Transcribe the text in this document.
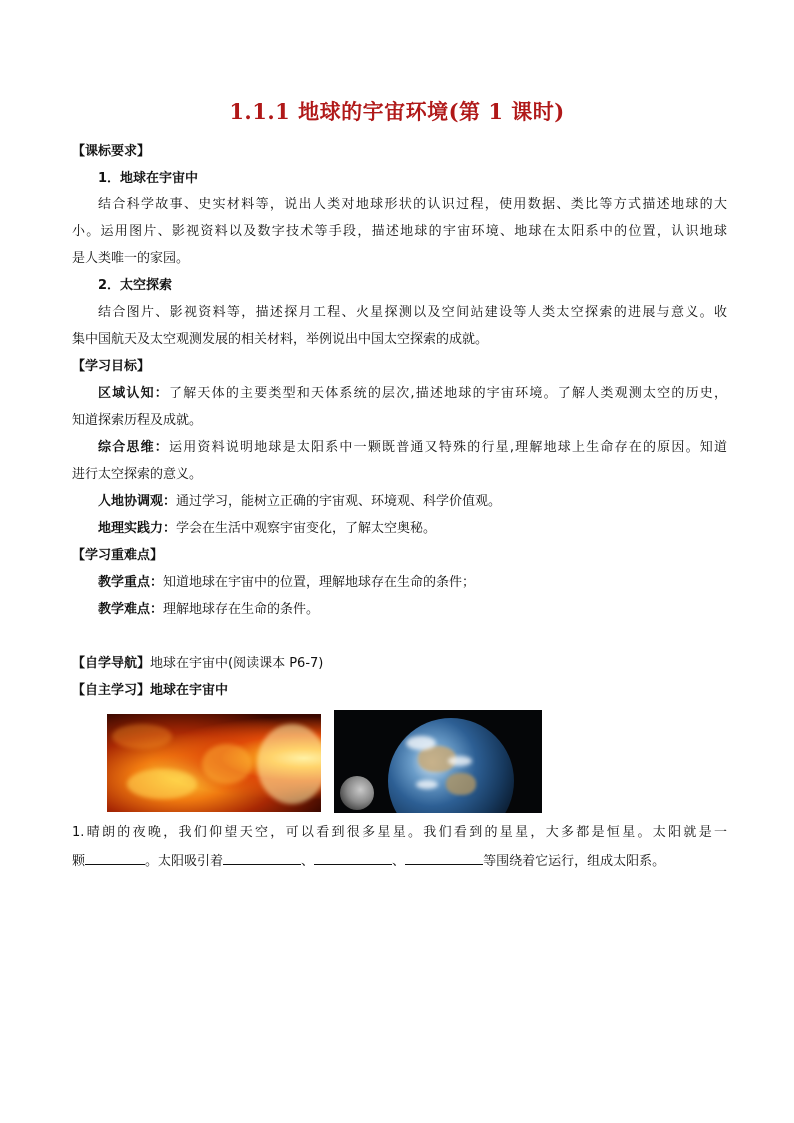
1.1.1 地球的宇宙环境(第 1 课时)
【课标要求】
1．地球在宇宙中
结合科学故事、史实材料等，说出人类对地球形状的认识过程，使用数据、类比等方式描述地球的大
小。运用图片、影视资料以及数字技术等手段，描述地球的宇宙环境、地球在太阳系中的位置，认识地球
是人类唯一的家园。
2．太空探索
结合图片、影视资料等，描述探月工程、火星探测以及空间站建设等人类太空探索的进展与意义。收
集中国航天及太空观测发展的相关材料，举例说出中国太空探索的成就。
【学习目标】
区域认知：了解天体的主要类型和天体系统的层次,描述地球的宇宙环境。了解人类观测太空的历史，
知道探索历程及成就。
综合思维：运用资料说明地球是太阳系中一颗既普通又特殊的行星,理解地球上生命存在的原因。知道
进行太空探索的意义。
人地协调观：通过学习，能树立正确的宇宙观、环境观、科学价值观。
地理实践力：学会在生活中观察宇宙变化，了解太空奥秘。
【学习重难点】
教学重点：知道地球在宇宙中的位置，理解地球存在生命的条件；
教学难点：理解地球存在生命的条件。
【自学导航】地球在宇宙中(阅读课本 P6-7)
【自主学习】地球在宇宙中
1.晴朗的夜晚，我们仰望天空，可以看到很多星星。我们看到的星星，大多都是恒星。太阳就是一
颗	。太阳吸引着	、	、	等围绕着它运行，组成太阳系。
